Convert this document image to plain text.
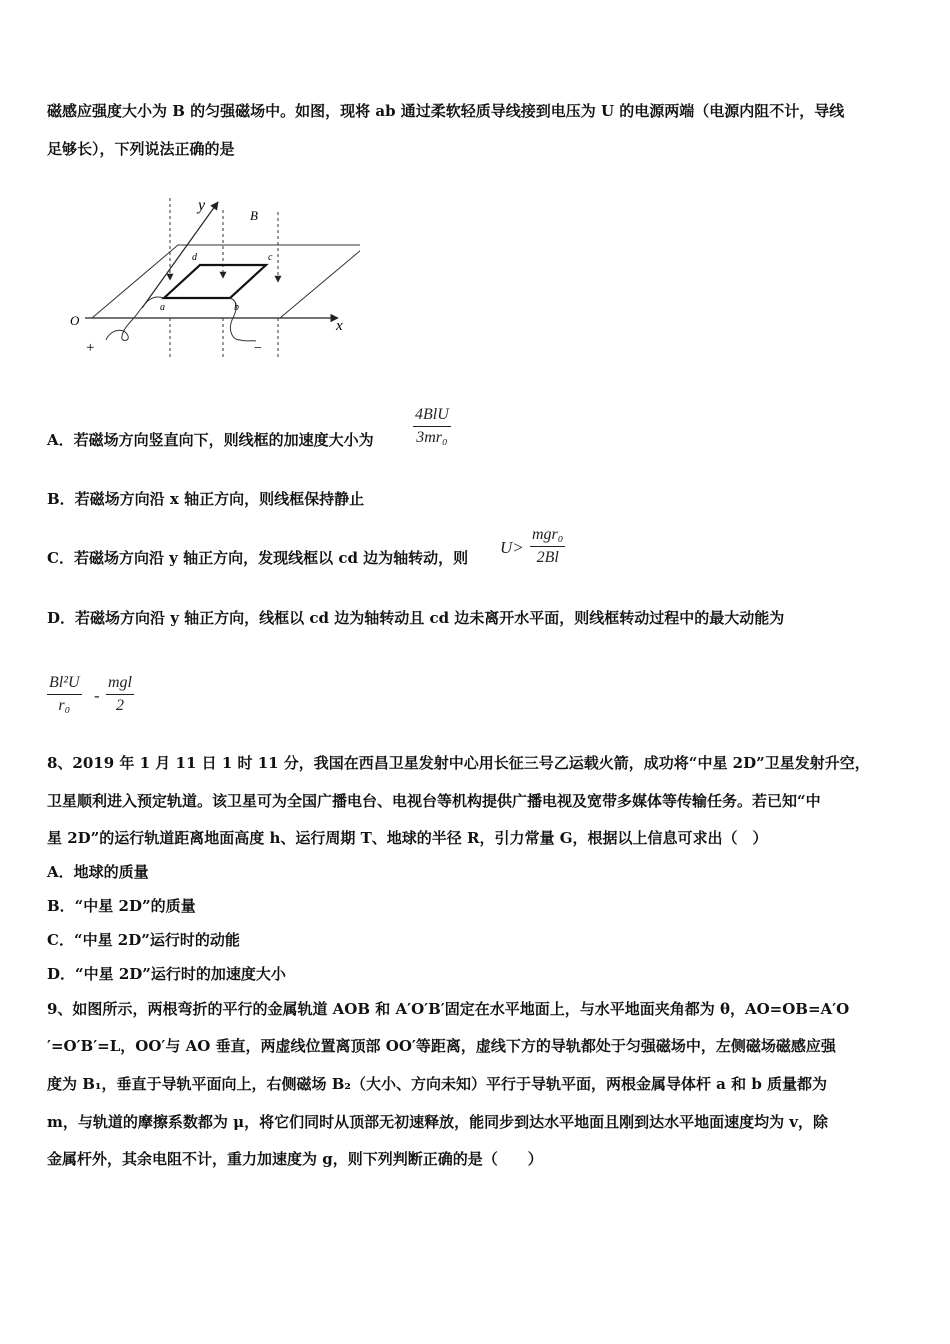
磁感应强度大小为 B 的匀强磁场中。如图，现将 ab 通过柔软轻质导线接到电压为 U 的电源两端（电源内阻不计，导线
足够长），下列说法正确的是
y
B
O	x
a	b
c
d
+	−
A．若磁场方向竖直向下，则线框的加速度大小为
4BlU
3mr₀
B．若磁场方向沿 x 轴正方向，则线框保持静止
C．若磁场方向沿 y 轴正方向，发现线框以 cd 边为轴转动，则
U>
mgr₀
2Bl
D．若磁场方向沿 y 轴正方向，线框以 cd 边为轴转动且 cd 边未离开水平面，则线框转动过程中的最大动能为
$\frac{\text{Bl²U}}{\text{r₀}}$ -
mgl
2
8、2019 年 1 月 11 日 1 时 11 分，我国在西昌卫星发射中心用长征三号乙运载火箭，成功将“中星 2D”卫星发射升空，
卫星顺利进入预定轨道。该卫星可为全国广播电台、电视台等机构提供广播电视及宽带多媒体等传输任务。若已知“中
星 2D”的运行轨道距离地面高度 h、运行周期 T、地球的半径 R，引力常量 G，根据以上信息可求出（　）
A．地球的质量
B．“中星 2D”的质量
C．“中星 2D”运行时的动能
D．“中星 2D”运行时的加速度大小
9、如图所示，两根弯折的平行的金属轨道 AOB 和 A′O′B′固定在水平地面上，与水平地面夹角都为 θ，AO=OB=A′O
′=O′B′=L，OO′与 AO 垂直，两虚线位置离顶部 OO′等距离，虚线下方的导轨都处于匀强磁场中，左侧磁场磁感应强
度为 B₁，垂直于导轨平面向上，右侧磁场 B₂（大小、方向未知）平行于导轨平面，两根金属导体杆 a 和 b 质量都为
m，与轨道的摩擦系数都为 μ，将它们同时从顶部无初速释放，能同步到达水平地面且刚到达水平地面速度均为 v，除
金属杆外，其余电阻不计，重力加速度为 g，则下列判断正确的是（　　）
